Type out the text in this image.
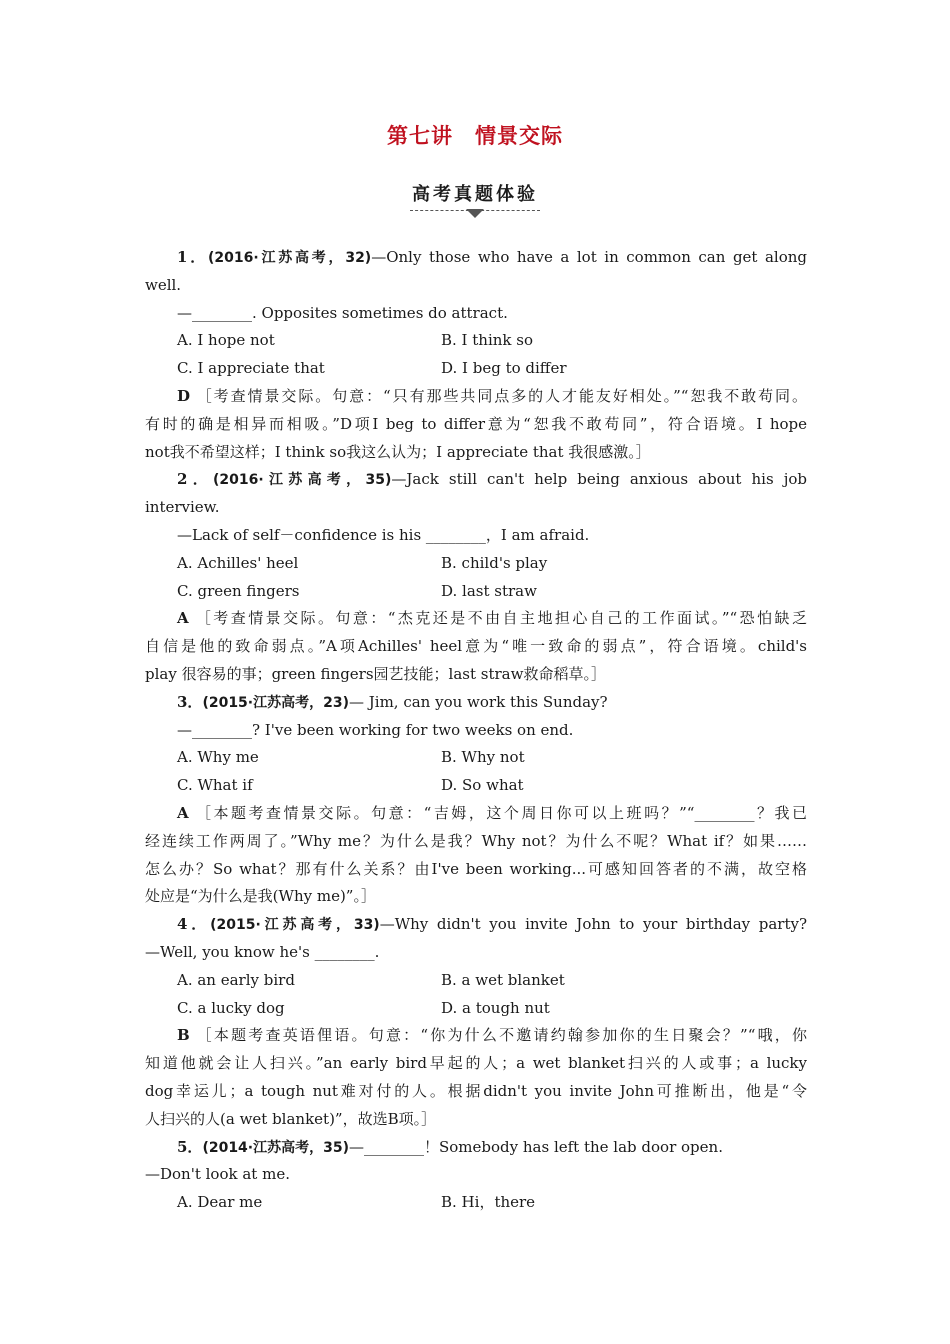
第七讲　情景交际
高考真题体验
1．(2016·江苏高考，32)—Only those who have a lot in common can get along
well.
—________. Opposites sometimes do attract.
A. I hope not	B. I think so
C. I appreciate that	D. I beg to differ
D ［考查情景交际。句意：“只有那些共同点多的人才能友好相处。”“恕我不敢苟同。
有时的确是相异而相吸。”D项I beg to differ意为“恕我不敢苟同”，符合语境。I hope
not我不希望这样；I think so我这么认为；I appreciate that 我很感激。］
2．(2016·江苏高考，35)—Jack still can't help being anxious about his job
interview.
—Lack of self－confidence is his ________，I am afraid.
A. Achilles' heel	B. child's play
C. green fingers	D. last straw
A ［考查情景交际。句意：“杰克还是不由自主地担心自己的工作面试。”“恐怕缺乏
自信是他的致命弱点。”A项Achilles' heel意为“唯一致命的弱点”，符合语境。child's
play 很容易的事；green fingers园艺技能；last straw救命稻草。］
3．(2015·江苏高考，23)— Jim, can you work this Sunday?
—________? I've been working for two weeks on end.
A. Why me	B. Why not
C. What if	D. So what
A ［本题考查情景交际。句意：“吉姆，这个周日你可以上班吗？”“________？我已
经连续工作两周了。”Why me？为什么是我？Why not？为什么不呢？What if？如果……
怎么办？So what？那有什么关系？由I've been working...可感知回答者的不满，故空格
处应是“为什么是我(Why me)”。］
4．(2015·江苏高考，33)—Why didn't you invite John to your birthday party?
—Well, you know he's ________.
A. an early bird	B. a wet blanket
C. a lucky dog	D. a tough nut
B ［本题考查英语俚语。句意：“你为什么不邀请约翰参加你的生日聚会？”“哦，你
知道他就会让人扫兴。”an early bird早起的人；a wet blanket扫兴的人或事；a lucky
dog幸运儿；a tough nut难对付的人。根据didn't you invite John可推断出，他是“令
人扫兴的人(a wet blanket)”，故选B项。］
5．(2014·江苏高考，35)—________！Somebody has left the lab door open.
—Don't look at me.
A. Dear me	B. Hi，there
